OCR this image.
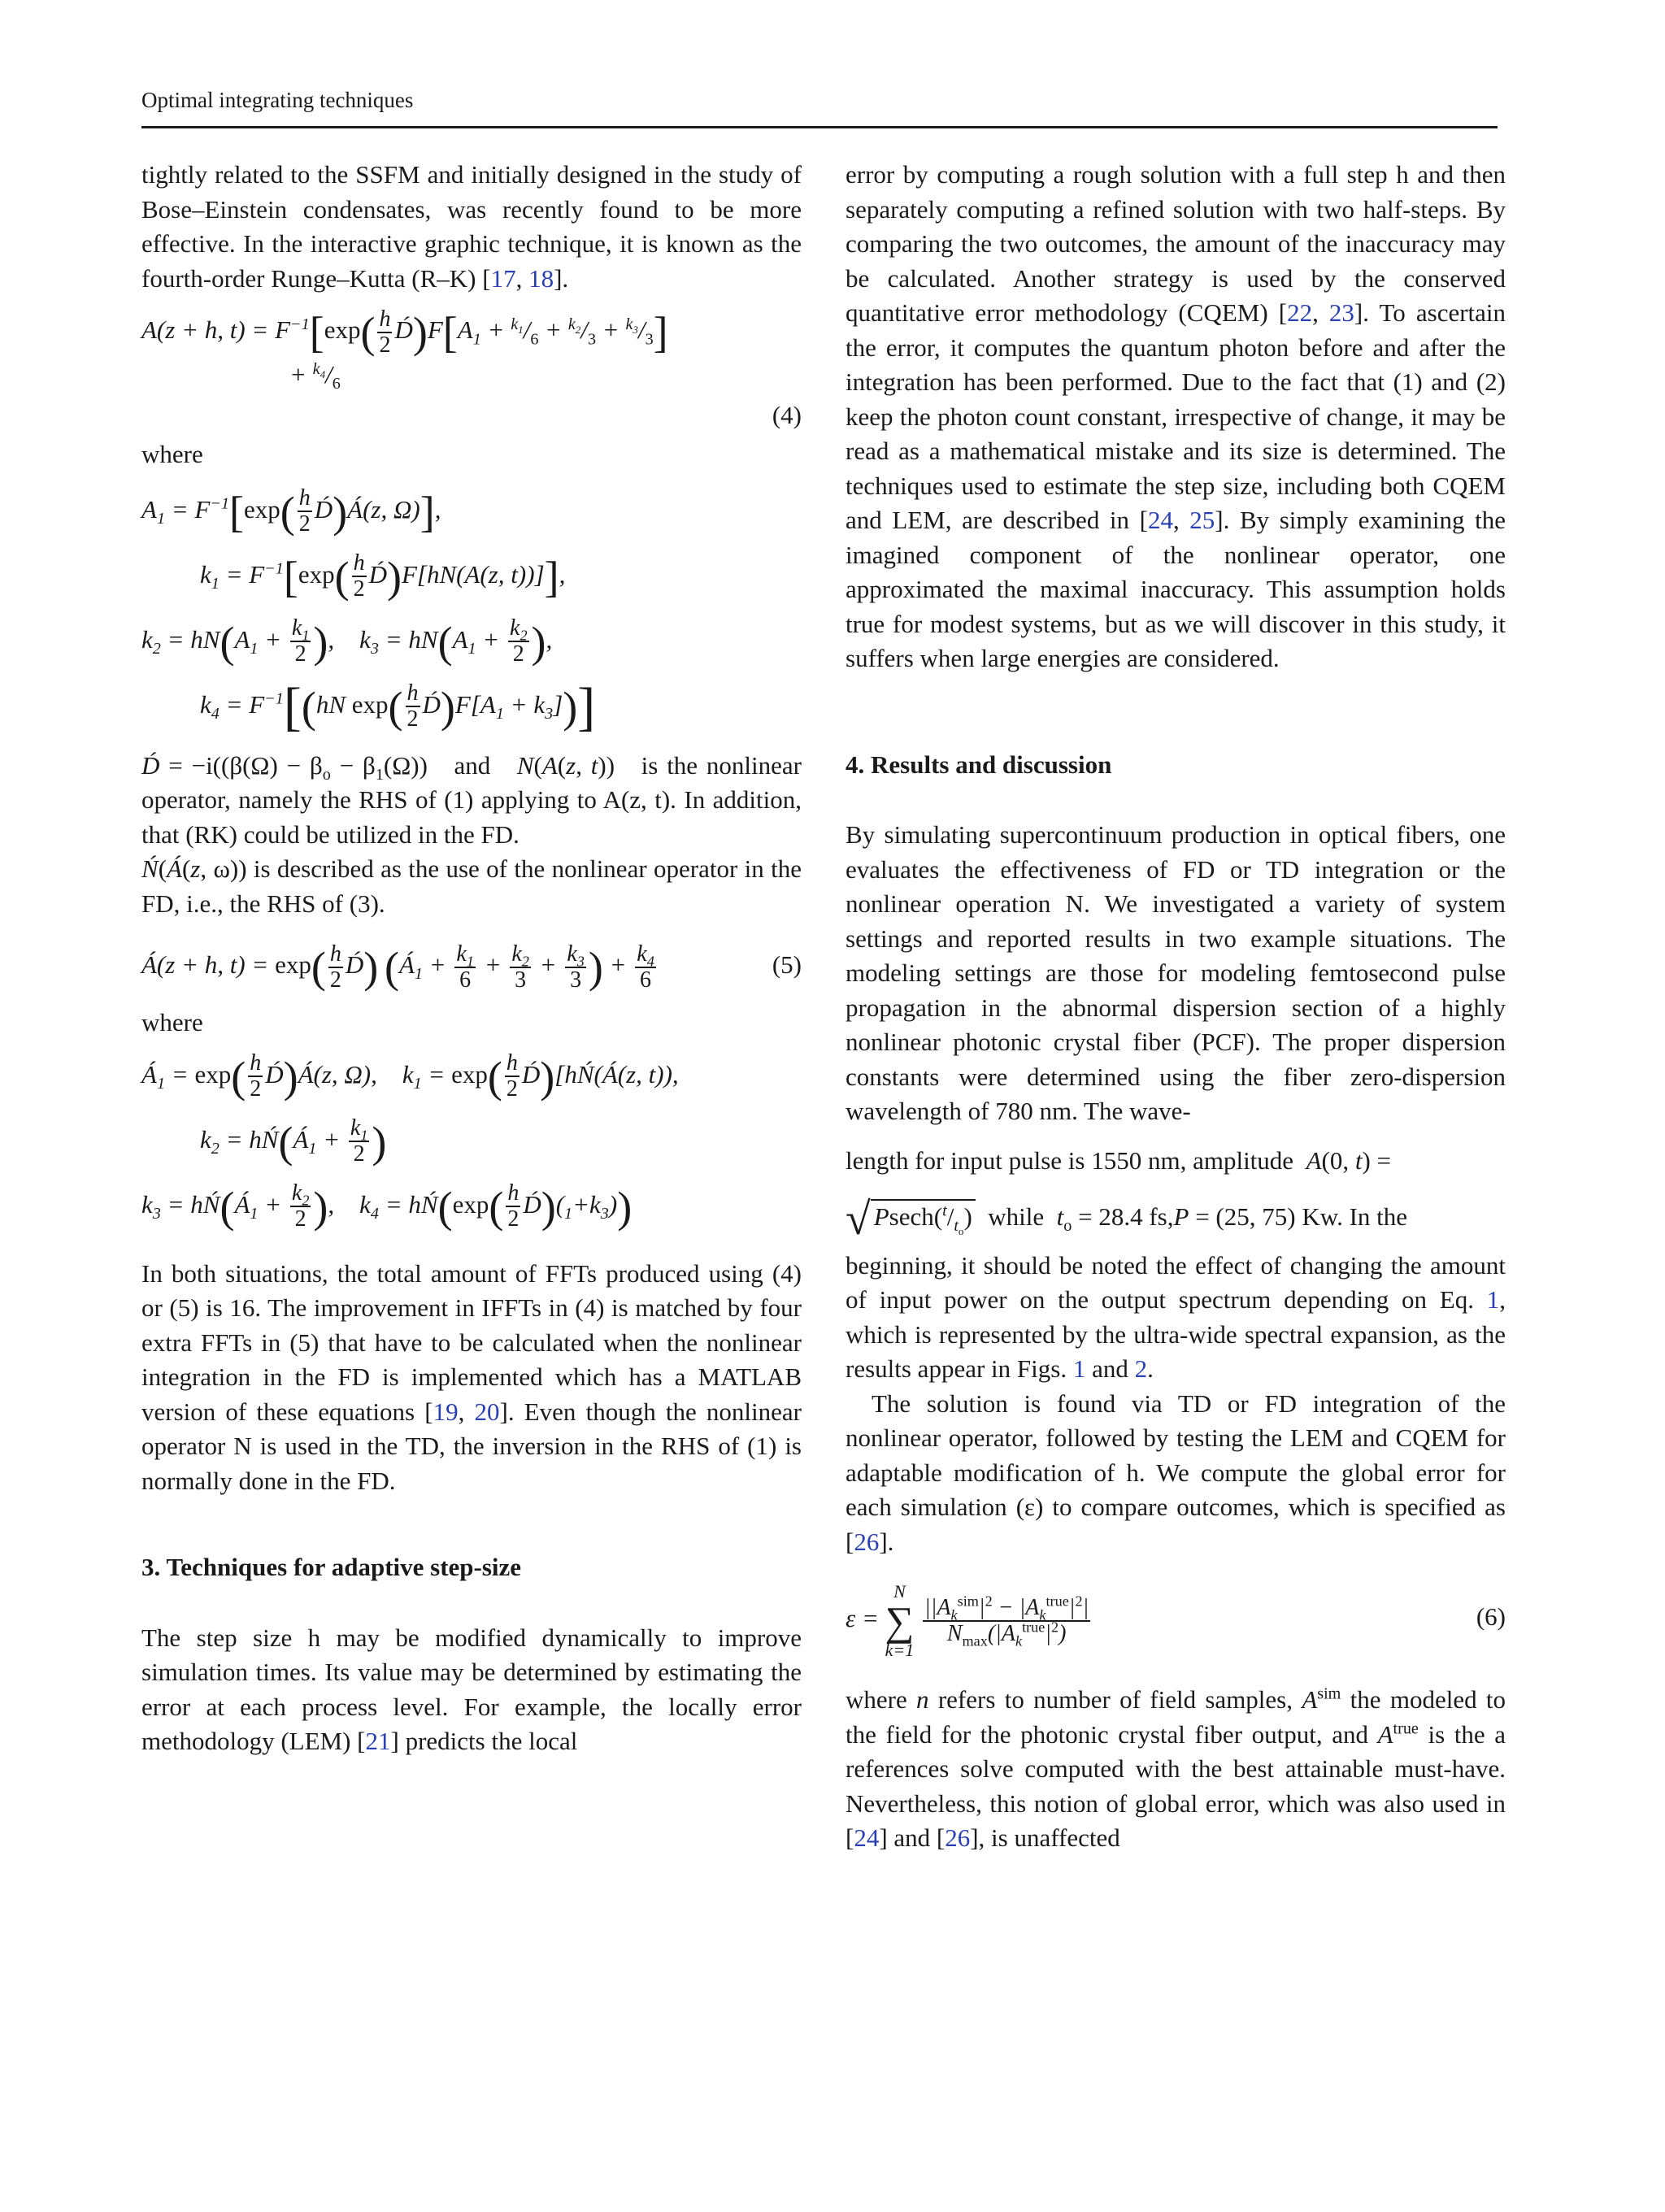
Optimal integrating techniques

tightly related to the SSFM and initially designed in the study of Bose–Einstein condensates, was recently found to be more effective. In the interactive graphic technique, it is known as the fourth-order Runge–Kutta (R–K) [17, 18].

A(z + h, $t) = F^{-1}[\exp( \frac{h}{2}$ $D́)F[A_1 + ^{k_1}/_6 + ^{k_2}/_3 + ^{k_3}/_3]$
+ $^{k_4}/_6$
(4)

where

$A_1 = F^{-1}[\exp( \frac{h}{2}$ D́)Á(z, Ω)],
$k_1 = F^{-1}[\exp( \frac{h}{2}$ D́)F[hN(A(z, t))]],
$k_2 = hN(A_1 + \frac{k_1}{2}$ ),    $k_3 = hN(A_1 + \frac{k_2}{2}$ ),
$k_4 = F^{-1}[(hN$ $\exp( \frac{h}{2}$ $D́)F[A_1 + k_3]$)]

D́ = $-i((\beta(\Omega) - \beta_o - \beta_1(\Omega))$   and   N(A(z, t))   is the nonlinear operator, namely the RHS of (1) applying to A(z, t). In addition, that (RK) could be utilized in the FD.

Ń(Á(z, ω)) is described as the use of the nonlinear operator in the FD, i.e., the RHS of (3).

Á(z + h, $t) = \exp( \frac{h}{2}$ D́) ($Á_1 + \frac{k_1}{6} + \frac{k_2}{3} + \frac{k_3}{3}$ ) + $\frac{k_4}{6}$	(5)

where

$Á_1 = \exp( \frac{h}{2}$ D́)Á(z, Ω),    $k_1 = \exp( \frac{h}{2}$ D́)[hŃ(Á(z, t)),
$k_2$ = $hŃ(Á_1 + \frac{k_1}{2}$ )
$k_3$ = $hŃ(Á_1 + \frac{k_2}{2}$ ),    $k_4$ = hŃ(exp( $\frac{h}{2}$ $D́)(_1+k_3)$)

In both situations, the total amount of FFTs produced using (4) or (5) is 16. The improvement in IFFTs in (4) is matched by four extra FFTs in (5) that have to be calculated when the nonlinear integration in the FD is implemented which has a MATLAB version of these equations [19, 20]. Even though the nonlinear operator N is used in the TD, the inversion in the RHS of (1) is normally done in the FD.

3. Techniques for adaptive step-size

The step size h may be modified dynamically to improve simulation times. Its value may be determined by estimating the error at each process level. For example, the locally error methodology (LEM) [21] predicts the local

error by computing a rough solution with a full step h and then separately computing a refined solution with two half-steps. By comparing the two outcomes, the amount of the inaccuracy may be calculated. Another strategy is used by the conserved quantitative error methodology (CQEM) [22, 23]. To ascertain the error, it computes the quantum photon before and after the integration has been performed. Due to the fact that (1) and (2) keep the photon count constant, irrespective of change, it may be read as a mathematical mistake and its size is determined. The techniques used to estimate the step size, including both CQEM and LEM, are described in [24, 25]. By simply examining the imagined component of the nonlinear operator, one approximated the maximal inaccuracy. This assumption holds true for modest systems, but as we will discover in this study, it suffers when large energies are considered.

4. Results and discussion

By simulating supercontinuum production in optical fibers, one evaluates the effectiveness of FD or TD integration or the nonlinear operation N. We investigated a variety of system settings and reported results in two example situations. The modeling settings are those for modeling femtosecond pulse propagation in the abnormal dispersion section of a highly nonlinear photonic crystal fiber (PCF). The proper dispersion constants were determined using the fiber zero-dispersion wavelength of 780 nm. The wave-

length for input pulse is 1550 nm, amplitude A(0, t) =

√ $Psech(^t/_{t_o})$ while $t_o = 28.4$ fs,P = (25, 75) Kw. In the

beginning, it should be noted the effect of changing the amount of input power on the output spectrum depending on Eq. 1, which is represented by the ultra-wide spectral expansion, as the results appear in Figs. 1 and 2.

The solution is found via TD or FD integration of the nonlinear operator, followed by testing the LEM and CQEM for adaptable modification of h. We compute the global error for each simulation (ε) to compare outcomes, which is specified as [26].

ε =
N
∑
k=1

$\frac{||A_k^{sim}|^2 - |A_k^{true}|^2|}{N_{max}(|A_k^{true}|^2)}$	(6)

where n refers to number of field samples, $A^{sim}$ the modeled to the field for the photonic crystal fiber output, and $A^{true}$ is the a references solve computed with the best attainable must-have. Nevertheless, this notion of global error, which was also used in [24] and [26], is unaffected
